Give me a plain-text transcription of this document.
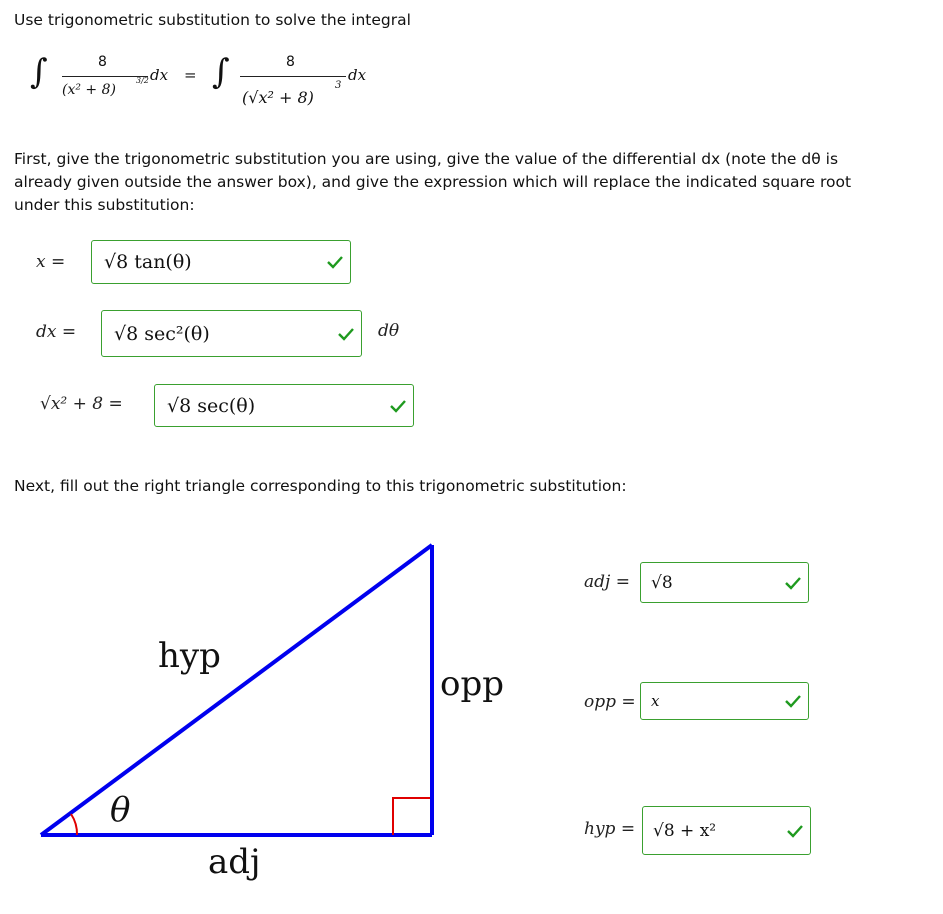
Use trigonometric substitution to solve the integral
∫	8
(x² + 8)
3/2 dx = ∫	8
(√x² + 8)
3
dx
First, give the trigonometric substitution you are using, give the value of the differential dx (note the dθ is
already given outside the answer box), and give the expression which will replace the indicated square root
under this substitution:
x = √8 tan(θ)
dx = √8 sec²(θ)	dθ
√x² + 8 = √8 sec(θ)
Next, fill out the right triangle corresponding to this trigonometric substitution:
hyp
opp
adj
θ
adj = √8
opp = x
hyp = √8 + x²
